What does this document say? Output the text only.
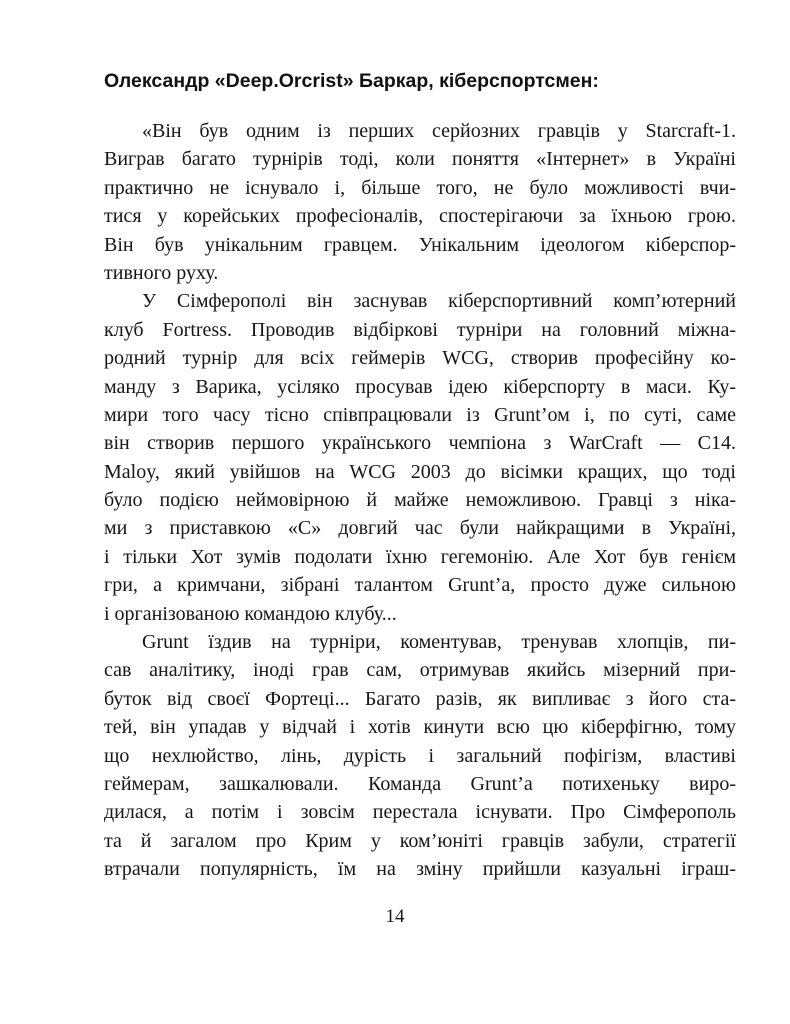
Олександр «Deep.Orcrist» Баркар, кіберспортсмен:
«Він був одним із перших серйозних гравців у Starcraft-1.
Виграв багато турнірів тоді, коли поняття «Інтернет» в Україні
практично не існувало і, більше того, не було можливості вчи-
тися у корейських професіоналів, спостерігаючи за їхньою грою.
Він був унікальним гравцем. Унікальним ідеологом кіберспор-
тивного руху.
У Сімферополі він заснував кіберспортивний комп’ютерний
клуб Fortress. Проводив відбіркові турніри на головний міжна-
родний турнір для всіх геймерів WCG, створив професійну ко-
манду з Варика, усіляко просував ідею кіберспорту в маси. Ку-
мири того часу тісно співпрацювали із Grunt’ом і, по суті, саме
він створив першого українського чемпіона з WarCraft — C14.
Maloy, який увійшов на WCG 2003 до вісімки кращих, що тоді
було подією неймовірною й майже неможливою. Гравці з ніка-
ми з приставкою «С» довгий час були найкращими в Україні,
і тільки Хот зумів подолати їхню гегемонію. Але Хот був генієм
гри, а кримчани, зібрані талантом Grunt’а, просто дуже сильною
і організованою командою клубу...
Grunt їздив на турніри, коментував, тренував хлопців, пи-
сав аналітику, іноді грав сам, отримував якийсь мізерний при-
буток від своєї Фортеці... Багато разів, як випливає з його ста-
тей, він упадав у відчай і хотів кинути всю цю кіберфігню, тому
що нехлюйство, лінь, дурість і загальний пофігізм, властиві
геймерам, зашкалювали. Команда Grunt’а потихеньку виро-
дилася, а потім і зовсім перестала існувати. Про Сімферополь
та й загалом про Крим у ком’юніті гравців забули, стратегії
втрачали популярність, їм на зміну прийшли казуальні іграш-
14
